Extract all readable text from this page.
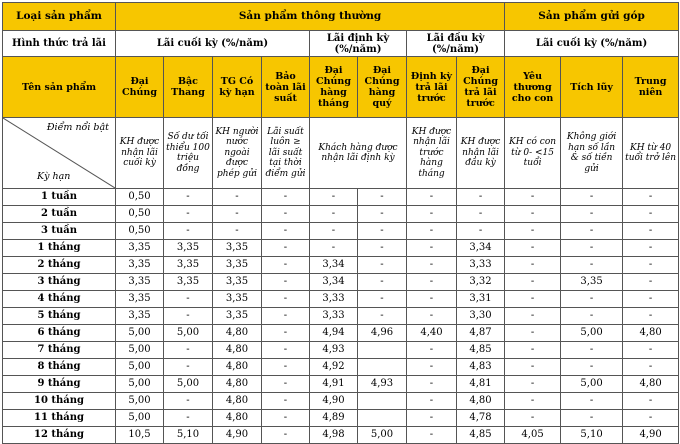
Loại sản phẩm	Sản phẩm thông thường								Sản phẩm gửi góp		
Hình thức trả lãi	Lãi cuối kỳ (%/năm)				Lãi định kỳ (%/năm)		Lãi đầu kỳ (%/năm)		Lãi cuối kỳ (%/năm)		
Tên sản phẩm	Đại Chúng	Bậc Thang	TG Có kỳ hạn	Bảo toàn lãi suất	Đại Chúng hàng tháng	Đại Chúng hàng quý	Định kỳ trả lãi trước	Đại Chúng trả lãi trước	Yêu thương cho con	Tích lũy	Trung niên

Điểm nổi bật
Kỳ hạn	KH được nhận lãi cuối kỳ	Số dư tối thiểu 100 triệu đồng	KH người nước ngoài được phép gửi	Lãi suất luôn ≥ lãi suất tại thời điểm gửi	Khách hàng được nhận lãi định kỳ		KH được nhận lãi trước hàng tháng	KH được nhận lãi đầu kỳ	KH có con từ 0- <15 tuổi	Không giới hạn số lần & số tiền gửi	KH từ 40 tuổi trở lên
1 tuần	0,50	-	-	-	-	-	-	-	-	-	-
2 tuần	0,50	-	-	-	-	-	-	-	-	-	-
3 tuần	0,50	-	-	-	-	-	-	-	-	-	-
1 tháng	3,35	3,35	3,35	-	-	-	-	3,34	-	-	-
2 tháng	3,35	3,35	3,35	-	3,34	-	-	3,33	-	-	-
3 tháng	3,35	3,35	3,35	-	3,34	-	-	3,32	-	3,35	-
4 tháng	3,35	-	3,35	-	3,33	-	-	3,31	-	-	-
5 tháng	3,35	-	3,35	-	3,33	-	-	3,30	-	-	-
6 tháng	5,00	5,00	4,80	-	4,94	4,96	4,40	4,87	-	5,00	4,80
7 tháng	5,00	-	4,80	-	4,93		-	4,85	-	-	-
8 tháng	5,00	-	4,80	-	4,92		-	4,83	-	-	-
9 tháng	5,00	5,00	4,80	-	4,91	4,93	-	4,81	-	5,00	4,80
10 tháng	5,00	-	4,80	-	4,90		-	4,80	-	-	-
11 tháng	5,00	-	4,80	-	4,89		-	4,78	-	-	-
12 tháng	10,5	5,10	4,90	-	4,98	5,00	-	4,85	4,05	5,10	4,90
